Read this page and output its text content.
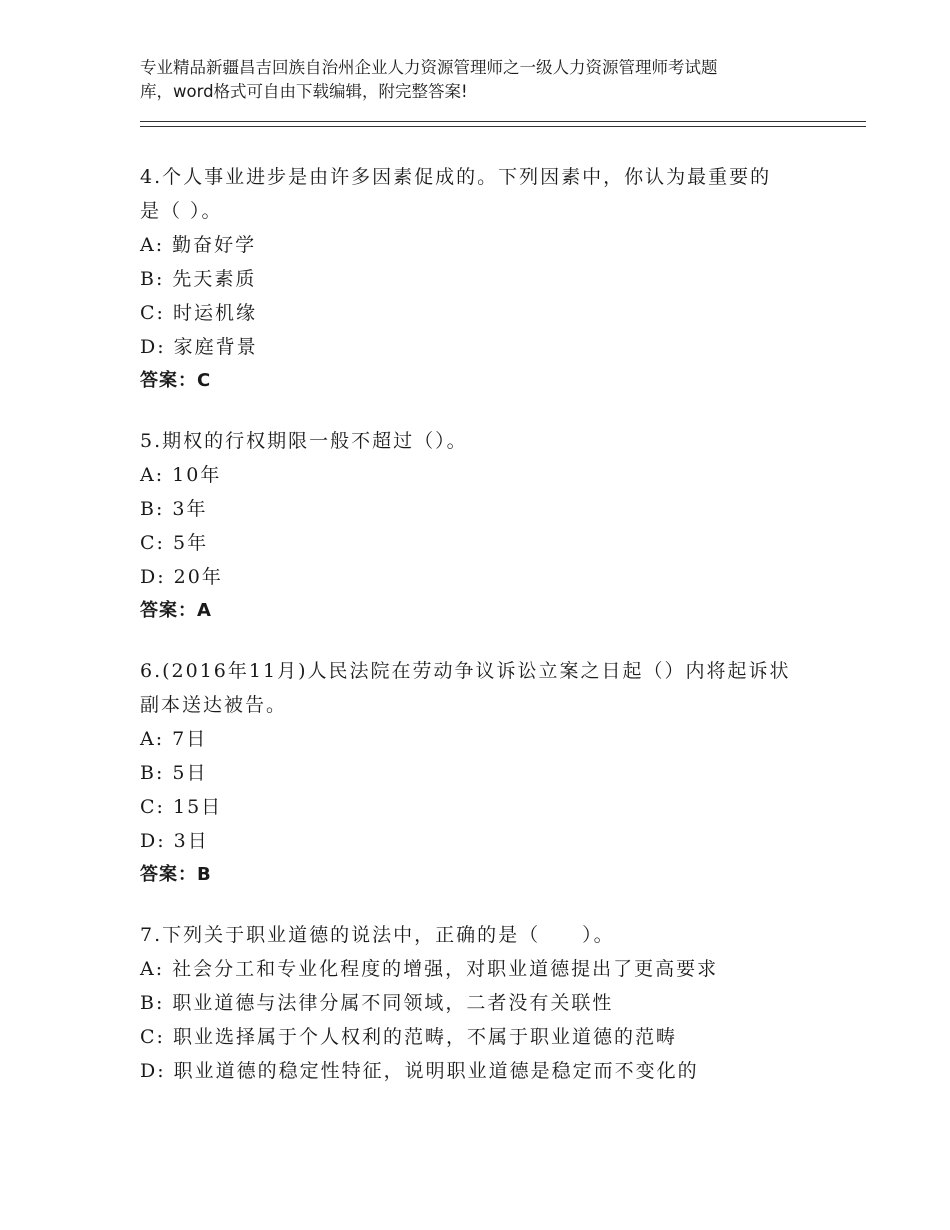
专业精品新疆昌吉回族自治州企业人力资源管理师之一级人力资源管理师考试题
库，word格式可自由下载编辑，附完整答案!

4.个人事业进步是由许多因素促成的。下列因素中，你认为最重要的
是（ ）。

A: 勤奋好学

B: 先天素质

C: 时运机缘

D: 家庭背景

答案：C

5.期权的行权期限一般不超过（）。

A: 10年

B: 3年

C: 5年

D: 20年

答案：A

6.(2016年11月)人民法院在劳动争议诉讼立案之日起（）内将起诉状
副本送达被告。

A: 7日

B: 5日

C: 15日

D: 3日

答案：B

7.下列关于职业道德的说法中，正确的是（　　）。

A: 社会分工和专业化程度的增强，对职业道德提出了更高要求

B: 职业道德与法律分属不同领域，二者没有关联性

C: 职业选择属于个人权利的范畴，不属于职业道德的范畴

D: 职业道德的稳定性特征，说明职业道德是稳定而不变化的
